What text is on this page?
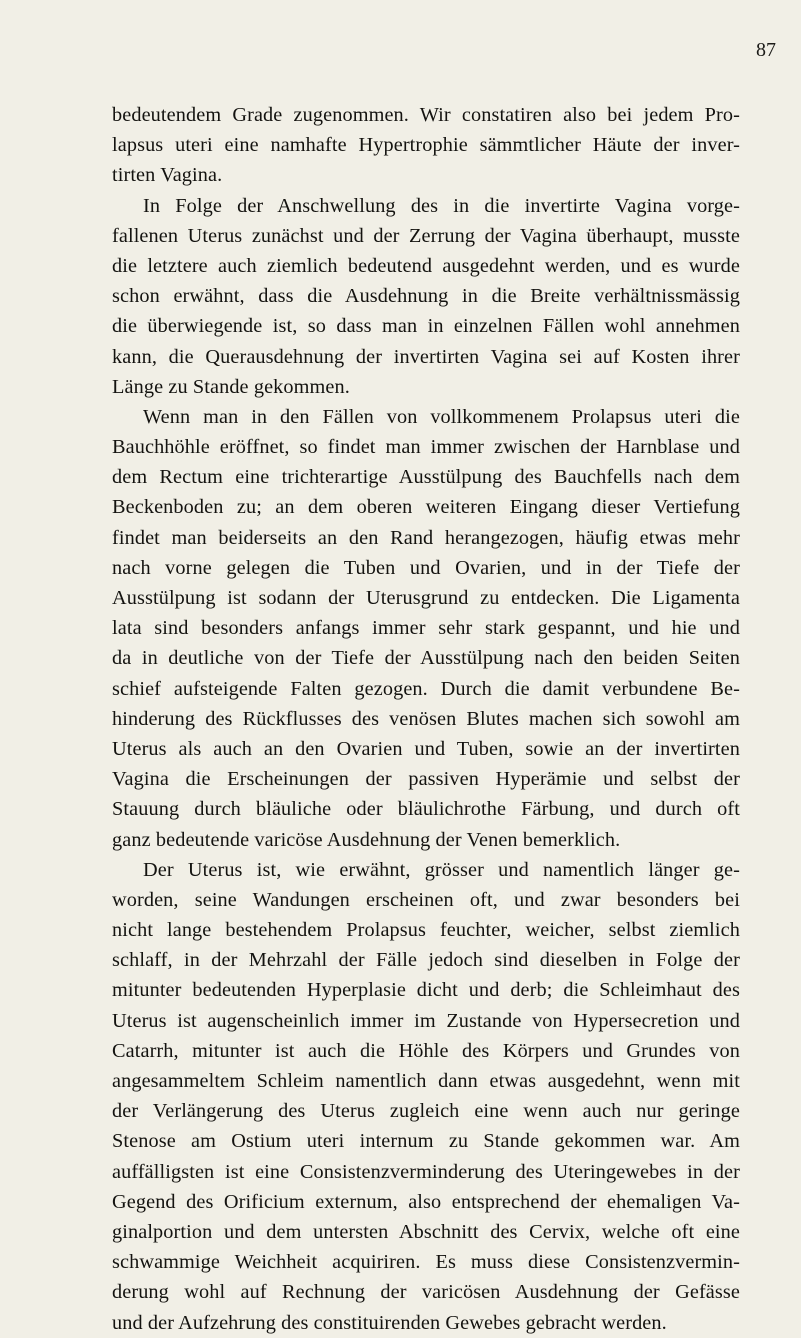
87
bedeutendem Grade zugenommen. Wir constatiren also bei jedem Pro-
lapsus uteri eine namhafte Hypertrophie sämmtlicher Häute der inver-
tirten Vagina.
In Folge der Anschwellung des in die invertirte Vagina vorge-
fallenen Uterus zunächst und der Zerrung der Vagina überhaupt, musste
die letztere auch ziemlich bedeutend ausgedehnt werden, und es wurde
schon erwähnt, dass die Ausdehnung in die Breite verhältnissmässig
die überwiegende ist, so dass man in einzelnen Fällen wohl annehmen
kann, die Querausdehnung der invertirten Vagina sei auf Kosten ihrer
Länge zu Stande gekommen.
Wenn man in den Fällen von vollkommenem Prolapsus uteri die
Bauchhöhle eröffnet, so findet man immer zwischen der Harnblase und
dem Rectum eine trichterartige Ausstülpung des Bauchfells nach dem
Beckenboden zu; an dem oberen weiteren Eingang dieser Vertiefung
findet man beiderseits an den Rand herangezogen, häufig etwas mehr
nach vorne gelegen die Tuben und Ovarien, und in der Tiefe der
Ausstülpung ist sodann der Uterusgrund zu entdecken. Die Ligamenta
lata sind besonders anfangs immer sehr stark gespannt, und hie und
da in deutliche von der Tiefe der Ausstülpung nach den beiden Seiten
schief aufsteigende Falten gezogen. Durch die damit verbundene Be-
hinderung des Rückflusses des venösen Blutes machen sich sowohl am
Uterus als auch an den Ovarien und Tuben, sowie an der invertirten
Vagina die Erscheinungen der passiven Hyperämie und selbst der
Stauung durch bläuliche oder bläulichrothe Färbung, und durch oft
ganz bedeutende varicöse Ausdehnung der Venen bemerklich.
Der Uterus ist, wie erwähnt, grösser und namentlich länger ge-
worden, seine Wandungen erscheinen oft, und zwar besonders bei
nicht lange bestehendem Prolapsus feuchter, weicher, selbst ziemlich
schlaff, in der Mehrzahl der Fälle jedoch sind dieselben in Folge der
mitunter bedeutenden Hyperplasie dicht und derb; die Schleimhaut des
Uterus ist augenscheinlich immer im Zustande von Hypersecretion und
Catarrh, mitunter ist auch die Höhle des Körpers und Grundes von
angesammeltem Schleim namentlich dann etwas ausgedehnt, wenn mit
der Verlängerung des Uterus zugleich eine wenn auch nur geringe
Stenose am Ostium uteri internum zu Stande gekommen war. Am
auffälligsten ist eine Consistenzverminderung des Uteringewebes in der
Gegend des Orificium externum, also entsprechend der ehemaligen Va-
ginalportion und dem untersten Abschnitt des Cervix, welche oft eine
schwammige Weichheit acquiriren. Es muss diese Consistenzvermin-
derung wohl auf Rechnung der varicösen Ausdehnung der Gefässe
und der Aufzehrung des constituirenden Gewebes gebracht werden.
